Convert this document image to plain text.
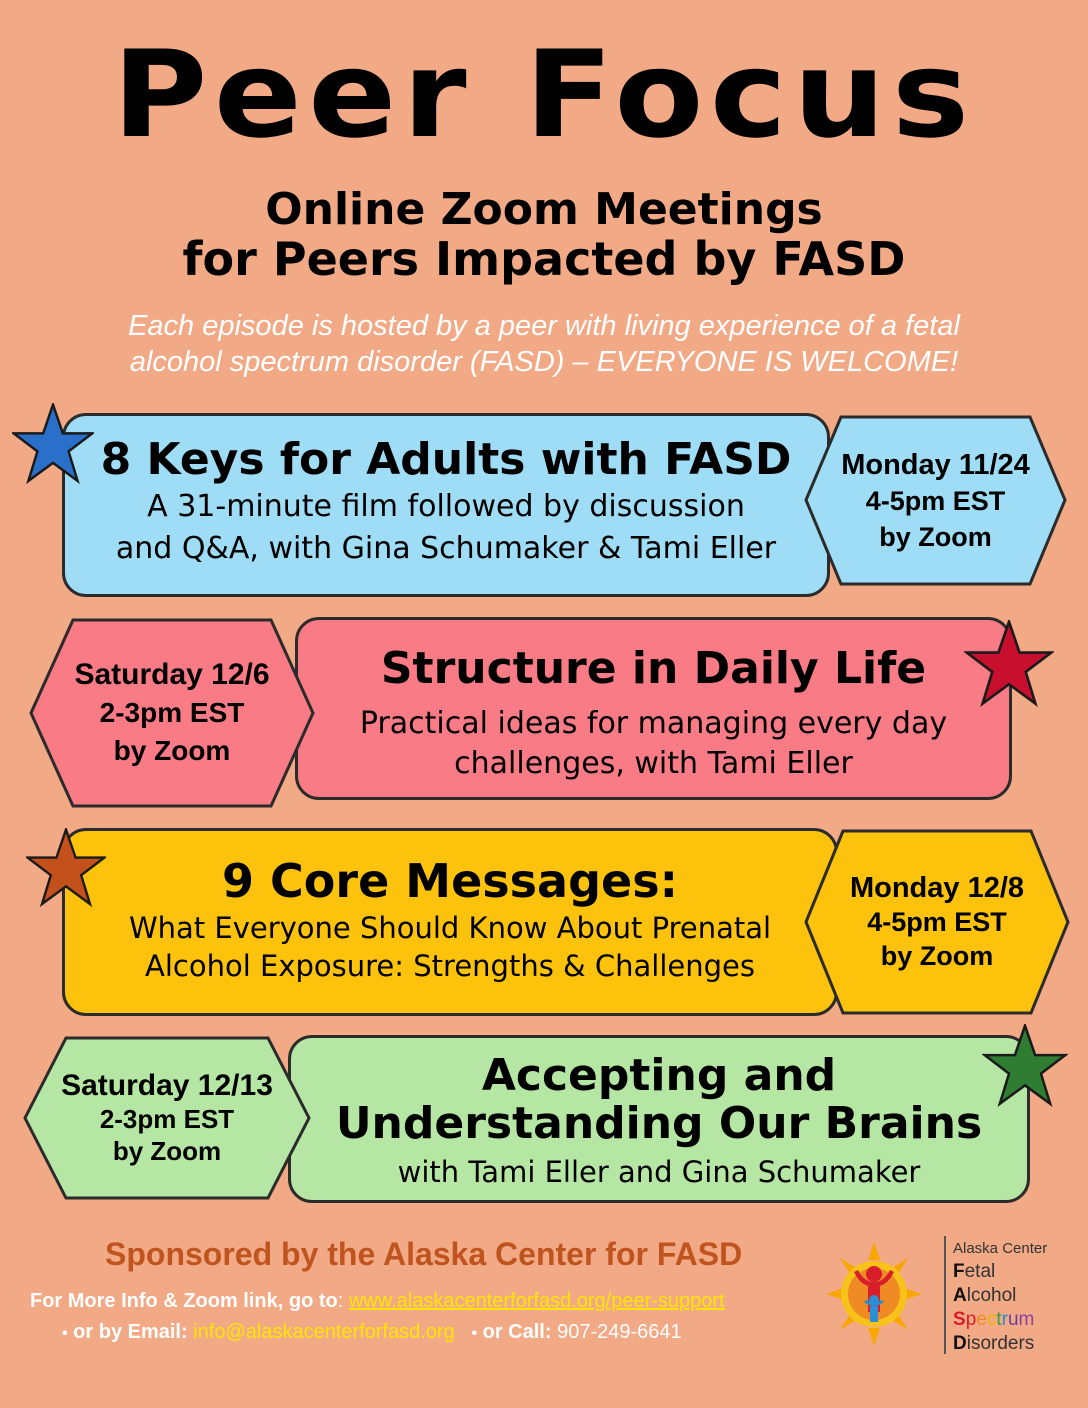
Peer Focus
Online Zoom Meetings
for Peers Impacted by FASD
Each episode is hosted by a peer with living experience of a fetal
alcohol spectrum disorder (FASD) – EVERYONE IS WELCOME!
8 Keys for Adults with FASD
A 31-minute film followed by discussion
and Q&A, with Gina Schumaker & Tami Eller
Monday 11/24
4-5pm EST
by Zoom
Structure in Daily Life
Practical ideas for managing every day
challenges, with Tami Eller
Saturday 12/6
2-3pm EST
by Zoom
9 Core Messages:
What Everyone Should Know About Prenatal
Alcohol Exposure: Strengths & Challenges
Monday 12/8
4-5pm EST
by Zoom
Accepting and
Understanding Our Brains
with Tami Eller and Gina Schumaker
Saturday 12/13
2-3pm EST
by Zoom
Sponsored by the Alaska Center for FASD
For More Info & Zoom link, go to: www.alaskacenterforfasd.org/peer-support
• or by Email: info@alaskacenterforfasd.org • or Call: 907-249-6641
Alaska Center
Fetal
Alcohol
Spectrum
Disorders
